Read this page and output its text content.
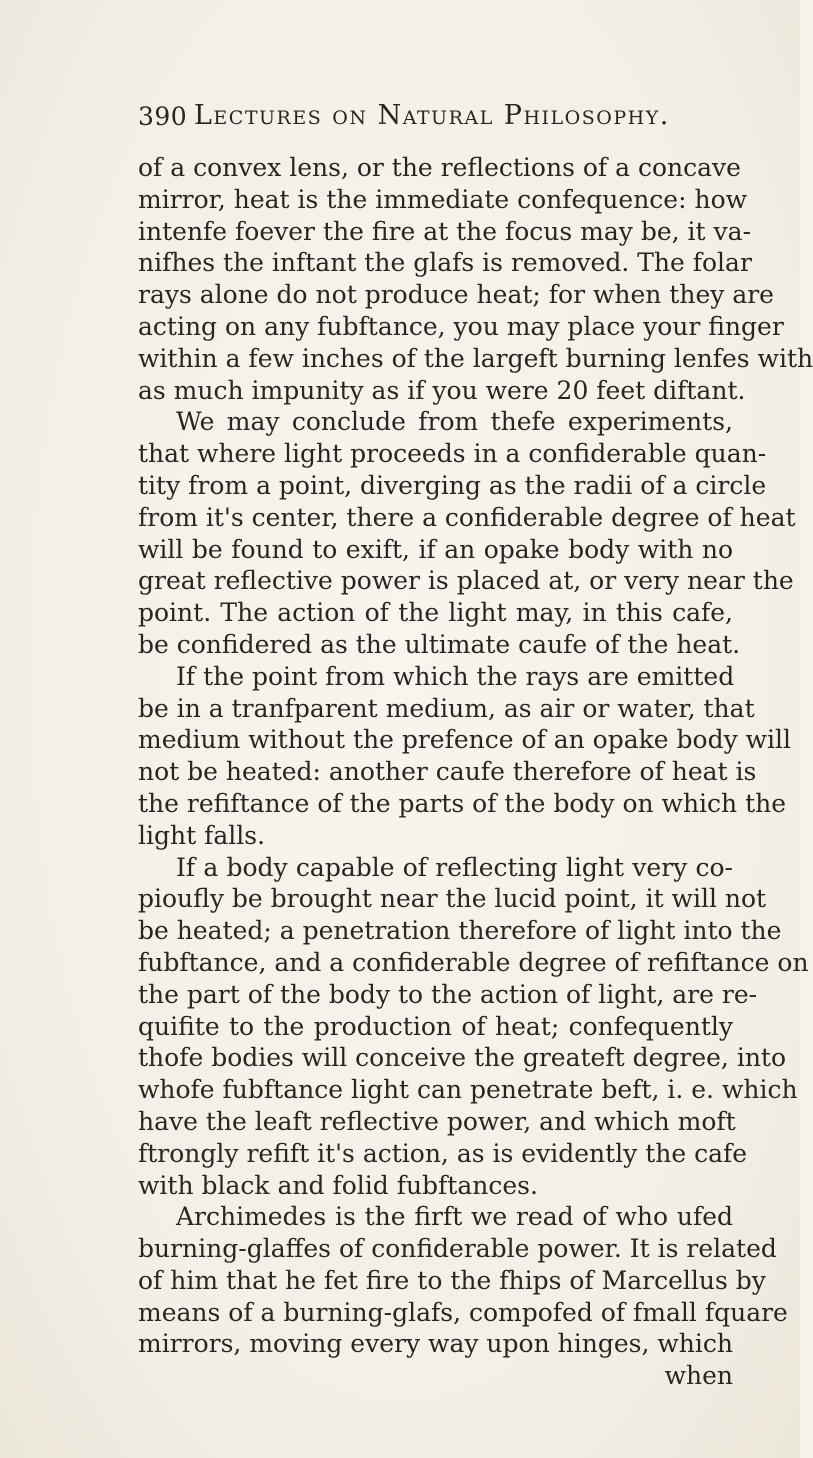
390 Lectures on Natural Philosophy.
of a convex lens, or the reflections of a concave
mirror, heat is the immediate confequence: how
intenfe foever the fire at the focus may be, it va-
nifhes the inftant the glafs is removed. The folar
rays alone do not produce heat; for when they are
acting on any fubftance, you may place your finger
within a few inches of the largeft burning lenfes with
as much impunity as if you were 20 feet diftant.
We may conclude from thefe experiments,
that where light proceeds in a confiderable quan-
tity from a point, diverging as the radii of a circle
from it's center, there a confiderable degree of heat
will be found to exift, if an opake body with no
great reflective power is placed at, or very near the
point. The action of the light may, in this cafe,
be confidered as the ultimate caufe of the heat.
If the point from which the rays are emitted
be in a tranfparent medium, as air or water, that
medium without the prefence of an opake body will
not be heated: another caufe therefore of heat is
the refiftance of the parts of the body on which the
light falls.
If a body capable of reflecting light very co-
pioufly be brought near the lucid point, it will not
be heated; a penetration therefore of light into the
fubftance, and a confiderable degree of refiftance on
the part of the body to the action of light, are re-
quifite to the production of heat; confequently
thofe bodies will conceive the greateft degree, into
whofe fubftance light can penetrate beft, i. e. which
have the leaft reflective power, and which moft
ftrongly refift it's action, as is evidently the cafe
with black and folid fubftances.
Archimedes is the firft we read of who ufed
burning-glaffes of confiderable power. It is related
of him that he fet fire to the fhips of Marcellus by
means of a burning-glafs, compofed of fmall fquare
mirrors, moving every way upon hinges, which
when
